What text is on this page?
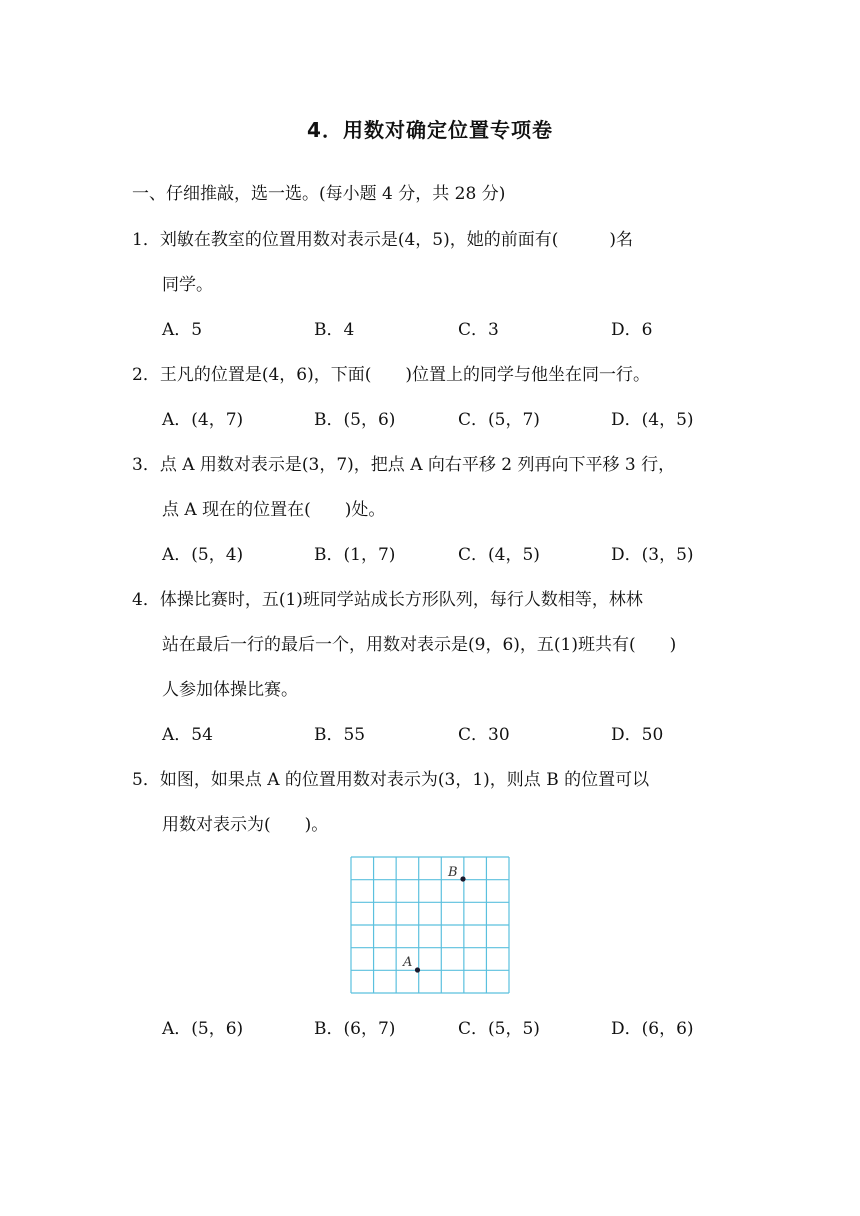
4．用数对确定位置专项卷
一、仔细推敲，选一选。(每小题 4 分，共 28 分)
1．刘敏在教室的位置用数对表示是(4，5)，她的前面有(　　　)名
同学。
A．5	B．4	C．3	D．6
2．王凡的位置是(4，6)，下面(　　)位置上的同学与他坐在同一行。
A．(4，7)	B．(5，6)	C．(5，7)	D．(4，5)
3．点 A 用数对表示是(3，7)，把点 A 向右平移 2 列再向下平移 3 行，
点 A 现在的位置在(　　)处。
A．(5，4)	B．(1，7)	C．(4，5)	D．(3，5)
4．体操比赛时，五(1)班同学站成长方形队列，每行人数相等，林林
站在最后一行的最后一个，用数对表示是(9，6)，五(1)班共有(　　)
人参加体操比赛。
A．54	B．55	C．30	D．50
5．如图，如果点 A 的位置用数对表示为(3，1)，则点 B 的位置可以
用数对表示为(　　)。
B
A
A．(5，6)	B．(6，7)	C．(5，5)	D．(6，6)
